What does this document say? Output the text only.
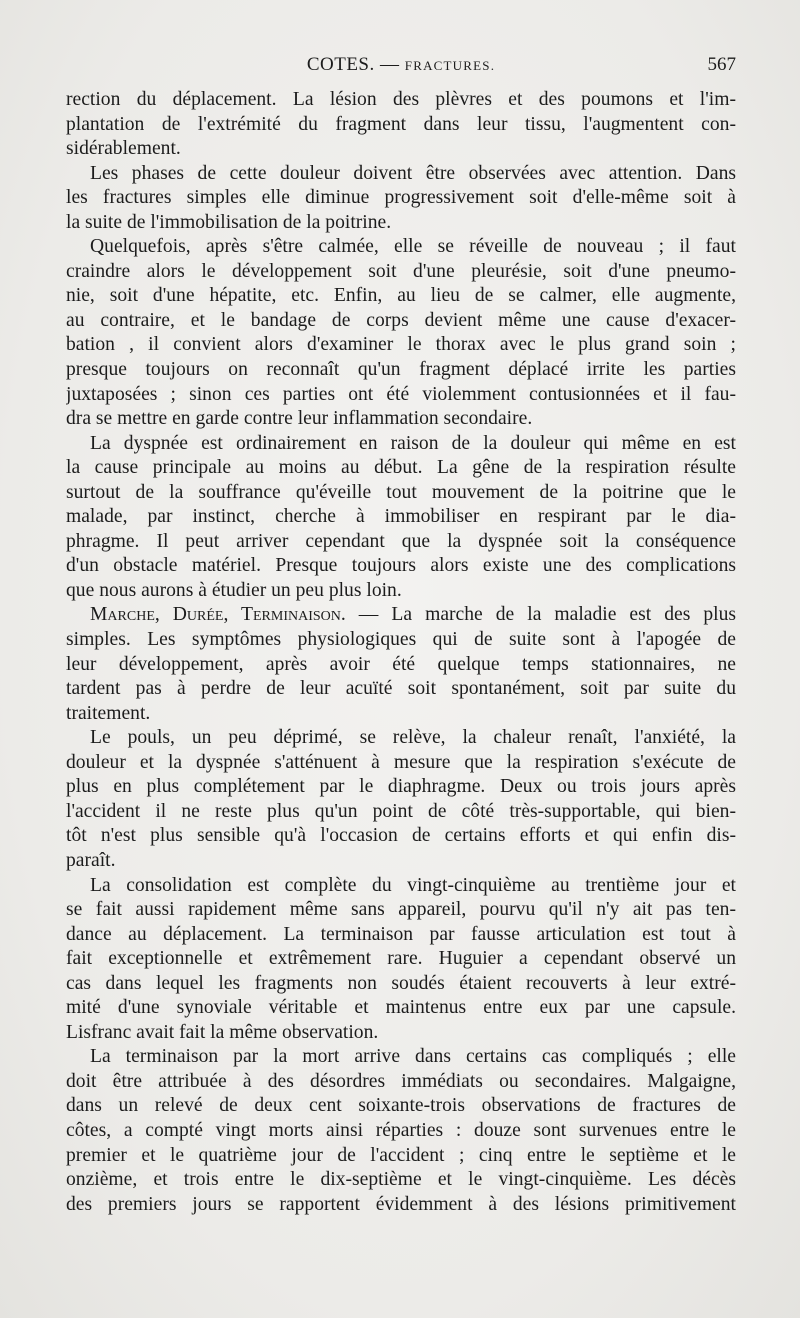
COTES. — FRACTURES.	567

rection du déplacement. La lésion des plèvres et des poumons et l'im-
plantation de l'extrémité du fragment dans leur tissu, l'augmentent con-
sidérablement.

Les phases de cette douleur doivent être observées avec attention. Dans
les fractures simples elle diminue progressivement soit d'elle-même soit à
la suite de l'immobilisation de la poitrine.

Quelquefois, après s'être calmée, elle se réveille de nouveau ; il faut
craindre alors le développement soit d'une pleurésie, soit d'une pneumo-
nie, soit d'une hépatite, etc. Enfin, au lieu de se calmer, elle augmente,
au contraire, et le bandage de corps devient même une cause d'exacer-
bation , il convient alors d'examiner le thorax avec le plus grand soin ;
presque toujours on reconnaît qu'un fragment déplacé irrite les parties
juxtaposées ; sinon ces parties ont été violemment contusionnées et il fau-
dra se mettre en garde contre leur inflammation secondaire.

La dyspnée est ordinairement en raison de la douleur qui même en est
la cause principale au moins au début. La gêne de la respiration résulte
surtout de la souffrance qu'éveille tout mouvement de la poitrine que le
malade, par instinct, cherche à immobiliser en respirant par le dia-
phragme. Il peut arriver cependant que la dyspnée soit la conséquence
d'un obstacle matériel. Presque toujours alors existe une des complications
que nous aurons à étudier un peu plus loin.

Marche, Durée, Terminaison. — La marche de la maladie est des plus
simples. Les symptômes physiologiques qui de suite sont à l'apogée de
leur développement, après avoir été quelque temps stationnaires, ne
tardent pas à perdre de leur acuïté soit spontanément, soit par suite du
traitement.

Le pouls, un peu déprimé, se relève, la chaleur renaît, l'anxiété, la
douleur et la dyspnée s'atténuent à mesure que la respiration s'exécute de
plus en plus complétement par le diaphragme. Deux ou trois jours après
l'accident il ne reste plus qu'un point de côté très-supportable, qui bien-
tôt n'est plus sensible qu'à l'occasion de certains efforts et qui enfin dis-
paraît.

La consolidation est complète du vingt-cinquième au trentième jour et
se fait aussi rapidement même sans appareil, pourvu qu'il n'y ait pas ten-
dance au déplacement. La terminaison par fausse articulation est tout à
fait exceptionnelle et extrêmement rare. Huguier a cependant observé un
cas dans lequel les fragments non soudés étaient recouverts à leur extré-
mité d'une synoviale véritable et maintenus entre eux par une capsule.
Lisfranc avait fait la même observation.

La terminaison par la mort arrive dans certains cas compliqués ; elle
doit être attribuée à des désordres immédiats ou secondaires. Malgaigne,
dans un relevé de deux cent soixante-trois observations de fractures de
côtes, a compté vingt morts ainsi réparties : douze sont survenues entre le
premier et le quatrième jour de l'accident ; cinq entre le septième et le
onzième, et trois entre le dix-septième et le vingt-cinquième. Les décès
des premiers jours se rapportent évidemment à des lésions primitivement
